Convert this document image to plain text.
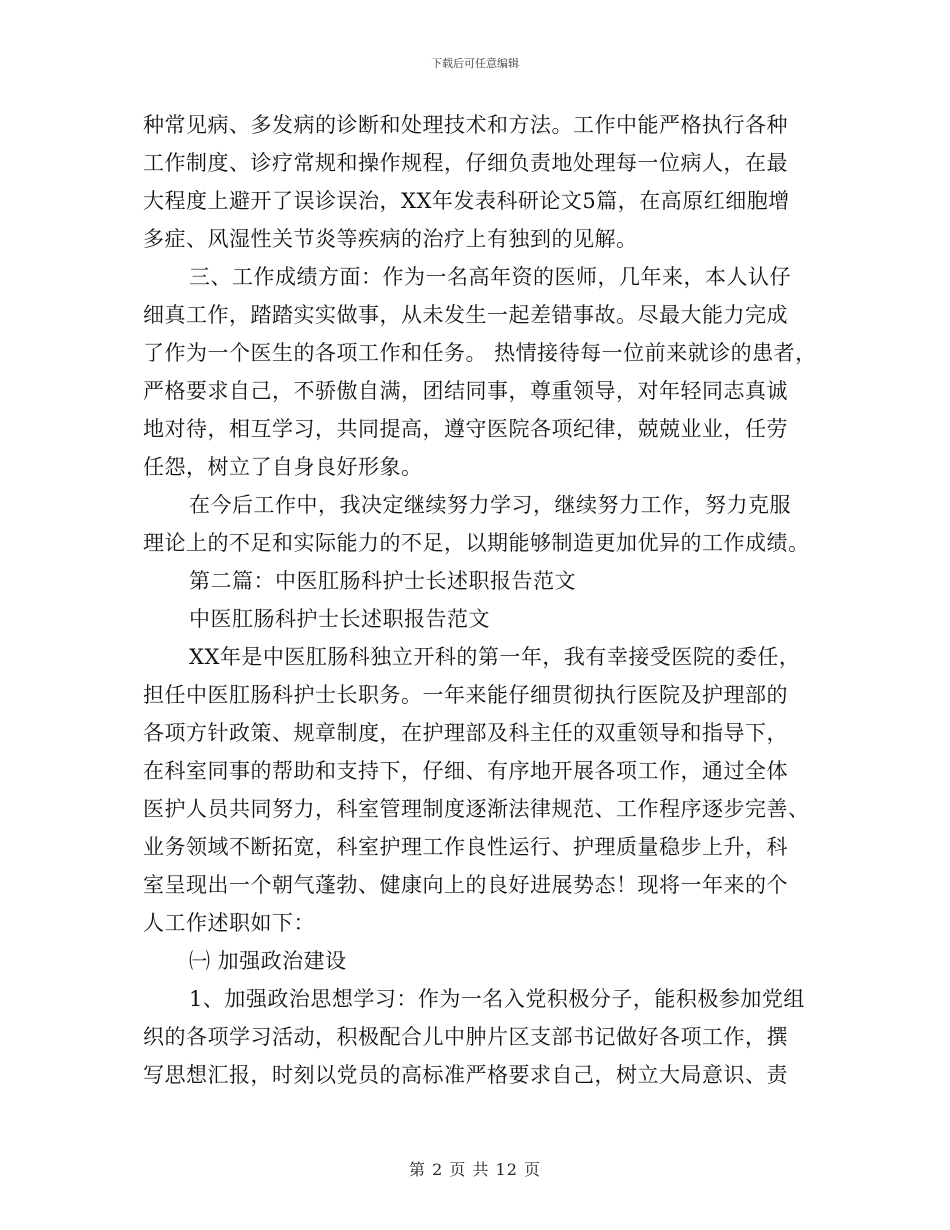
下载后可任意编辑
种常见病、多发病的诊断和处理技术和方法。工作中能严格执行各种
工作制度、诊疗常规和操作规程，仔细负责地处理每一位病人，在最
大程度上避开了误诊误治，XX年发表科研论文5篇，在高原红细胞增
多症、风湿性关节炎等疾病的治疗上有独到的见解。
三、工作成绩方面：作为一名高年资的医师，几年来，本人认仔
细真工作，踏踏实实做事，从未发生一起差错事故。尽最大能力完成
了作为一个医生的各项工作和任务。 热情接待每一位前来就诊的患者，
严格要求自己，不骄傲自满，团结同事，尊重领导，对年轻同志真诚
地对待，相互学习，共同提高，遵守医院各项纪律，兢兢业业，任劳
任怨，树立了自身良好形象。
在今后工作中，我决定继续努力学习，继续努力工作，努力克服
理论上的不足和实际能力的不足，以期能够制造更加优异的工作成绩。
第二篇：中医肛肠科护士长述职报告范文
中医肛肠科护士长述职报告范文
XX年是中医肛肠科独立开科的第一年，我有幸接受医院的委任，
担任中医肛肠科护士长职务。一年来能仔细贯彻执行医院及护理部的
各项方针政策、规章制度，在护理部及科主任的双重领导和指导下，
在科室同事的帮助和支持下，仔细、有序地开展各项工作，通过全体
医护人员共同努力，科室管理制度逐渐法律规范、工作程序逐步完善、
业务领域不断拓宽，科室护理工作良性运行、护理质量稳步上升，科
室呈现出一个朝气蓬勃、健康向上的良好进展势态！现将一年来的个
人工作述职如下：
㈠ 加强政治建设
1、加强政治思想学习：作为一名入党积极分子，能积极参加党组
织的各项学习活动，积极配合儿中肿片区支部书记做好各项工作，撰
写思想汇报，时刻以党员的高标准严格要求自己，树立大局意识、责
第 2 页 共 12 页
